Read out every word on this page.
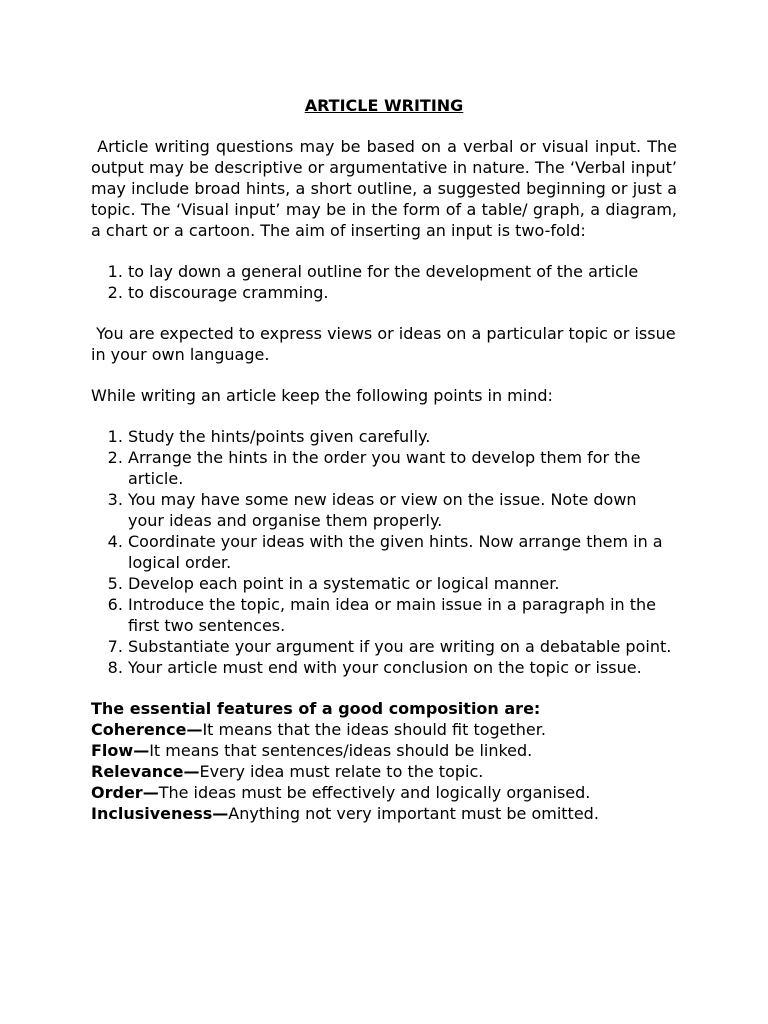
ARTICLE WRITING

Article writing questions may be based on a verbal or visual input. The output may be descriptive or argumentative in nature. The ‘Verbal input’ may include broad hints, a short outline, a suggested beginning or just a topic. The ‘Visual input’ may be in the form of a table/ graph, a diagram, a chart or a cartoon. The aim of inserting an input is two-fold:

1. to lay down a general outline for the development of the article
2. to discourage cramming.

You are expected to express views or ideas on a particular topic or issue in your own language.

While writing an article keep the following points in mind:

1. Study the hints/points given carefully.
2. Arrange the hints in the order you want to develop them for the article.
3. You may have some new ideas or view on the issue. Note down your ideas and organise them properly.
4. Coordinate your ideas with the given hints. Now arrange them in a logical order.
5. Develop each point in a systematic or logical manner.
6. Introduce the topic, main idea or main issue in a paragraph in the first two sentences.
7. Substantiate your argument if you are writing on a debatable point.
8. Your article must end with your conclusion on the topic or issue.
The essential features of a good composition are:
Coherence—It means that the ideas should fit together.
Flow—It means that sentences/ideas should be linked.
Relevance—Every idea must relate to the topic.
Order—The ideas must be effectively and logically organised.
Inclusiveness—Anything not very important must be omitted.
